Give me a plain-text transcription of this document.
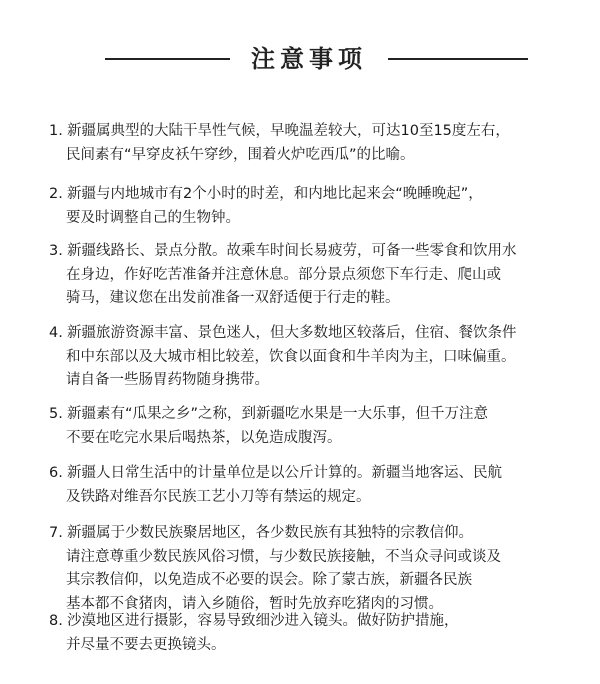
注意事项
1. 新疆属典型的大陆干旱性气候，早晚温差较大，可达10至15度左右，
民间素有“早穿皮袄午穿纱，围着火炉吃西瓜”的比喻。
2. 新疆与内地城市有2个小时的时差，和内地比起来会“晚睡晚起”，
要及时调整自己的生物钟。
3. 新疆线路长、景点分散。故乘车时间长易疲劳，可备一些零食和饮用水
在身边，作好吃苦准备并注意休息。部分景点须您下车行走、爬山或
骑马，建议您在出发前准备一双舒适便于行走的鞋。
4. 新疆旅游资源丰富、景色迷人，但大多数地区较落后，住宿、餐饮条件
和中东部以及大城市相比较差，饮食以面食和牛羊肉为主，口味偏重。
请自备一些肠胃药物随身携带。
5. 新疆素有“瓜果之乡”之称，到新疆吃水果是一大乐事，但千万注意
不要在吃完水果后喝热茶，以免造成腹泻。
6. 新疆人日常生活中的计量单位是以公斤计算的。新疆当地客运、民航
及铁路对维吾尔民族工艺小刀等有禁运的规定。
7. 新疆属于少数民族聚居地区，各少数民族有其独特的宗教信仰。
请注意尊重少数民族风俗习惯，与少数民族接触，不当众寻问或谈及
其宗教信仰，以免造成不必要的误会。除了蒙古族，新疆各民族
基本都不食猪肉，请入乡随俗，暂时先放弃吃猪肉的习惯。
8. 沙漠地区进行摄影，容易导致细沙进入镜头。做好防护措施，
并尽量不要去更换镜头。
